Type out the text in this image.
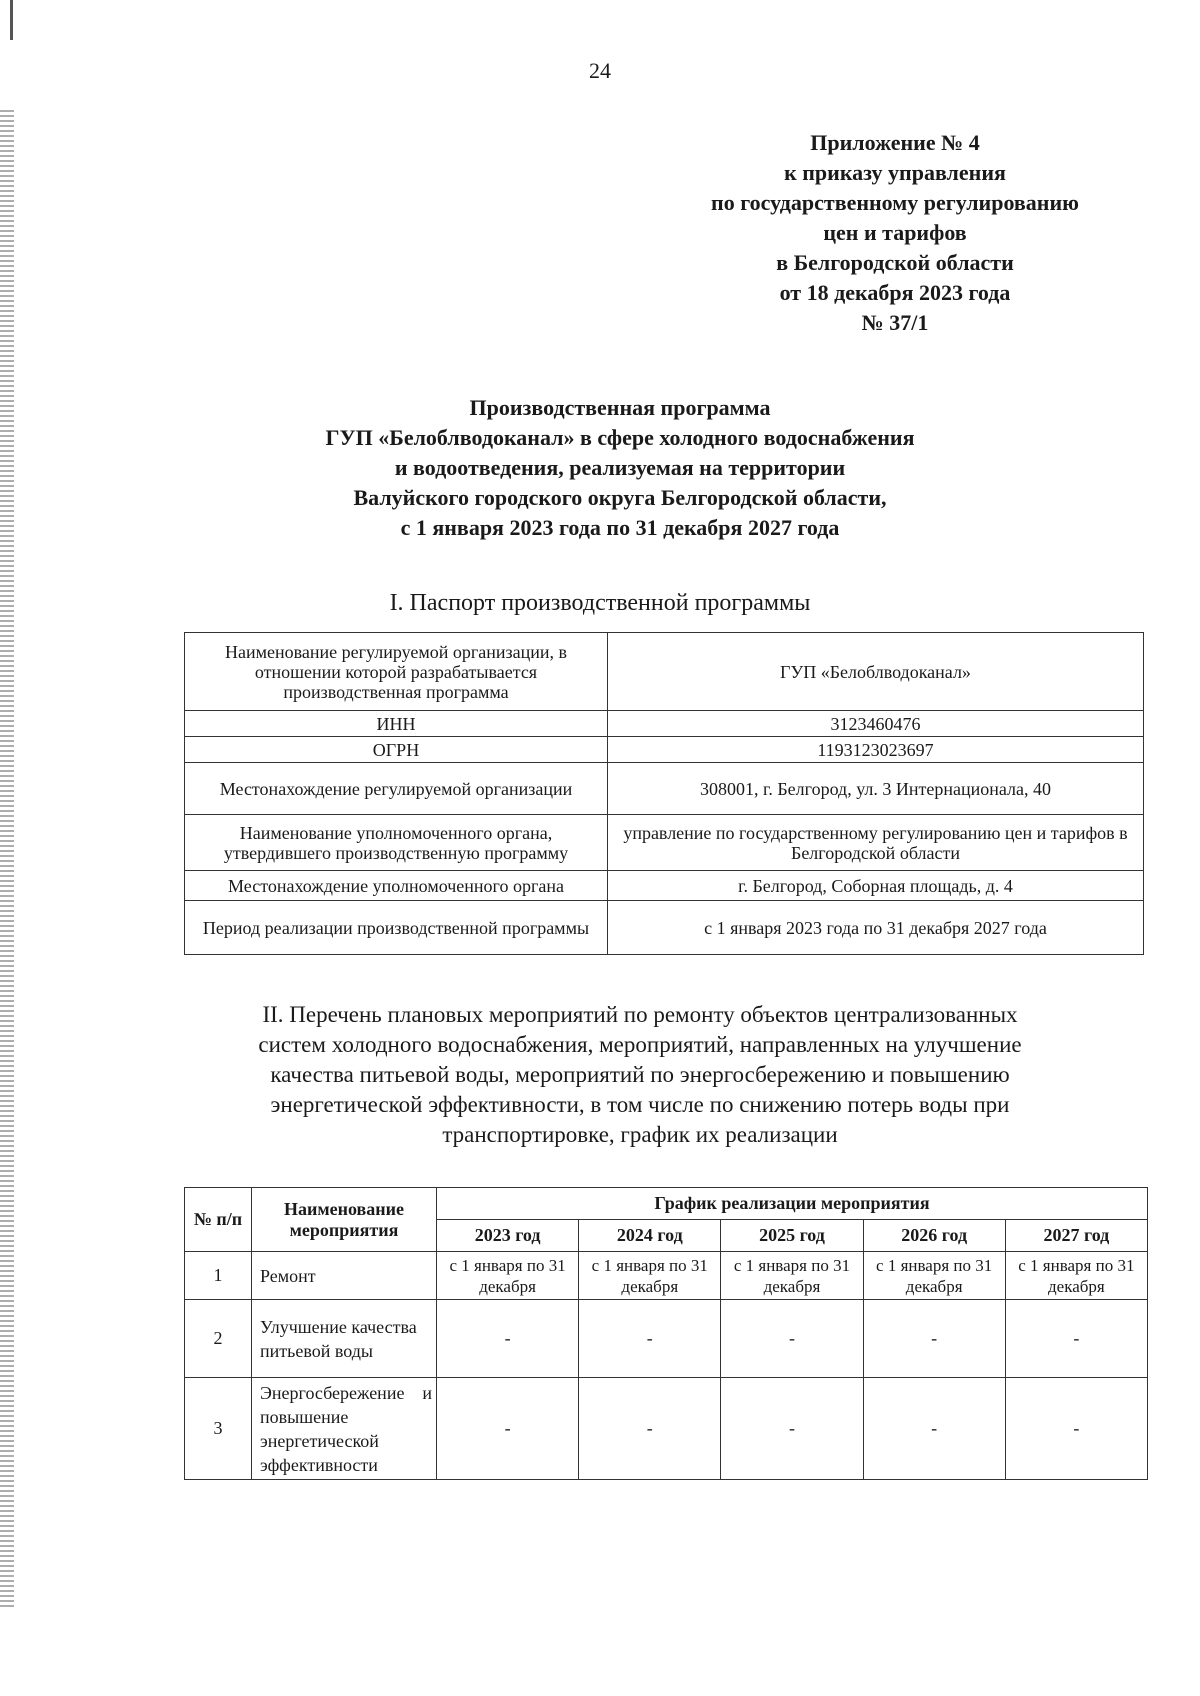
24
Приложение № 4
к приказу управления
по государственному регулированию
цен и тарифов
в Белгородской области
от 18 декабря 2023 года
№ 37/1
Производственная программа
ГУП «Белоблводоканал» в сфере холодного водоснабжения
и водоотведения, реализуемая на территории
Валуйского городского округа Белгородской области,
с 1 января 2023 года по 31 декабря 2027 года
I. Паспорт производственной программы
Наименование регулируемой организации, в отношении которой разрабатывается производственная программа	ГУП «Белоблводоканал»
ИНН	3123460476
ОГРН	1193123023697
Местонахождение регулируемой организации	308001, г. Белгород, ул. 3 Интернационала, 40
Наименование уполномоченного органа, утвердившего производственную программу	управление по государственному регулированию цен и тарифов в Белгородской области
Местонахождение уполномоченного органа	г. Белгород, Соборная площадь, д. 4
Период реализации производственной программы	с 1 января 2023 года по 31 декабря 2027 года
II. Перечень плановых мероприятий по ремонту объектов централизованных
систем холодного водоснабжения, мероприятий, направленных на улучшение
качества питьевой воды, мероприятий по энергосбережению и повышению
энергетической эффективности, в том числе по снижению потерь воды при
транспортировке, график их реализации
№ п/п	Наименование мероприятия	График реализации мероприятия				
		2023 год	2024 год	2025 год	2026 год	2027 год
1	Ремонт	с 1 января по 31 декабря	с 1 января по 31 декабря	с 1 января по 31 декабря	с 1 января по 31 декабря	с 1 января по 31 декабря
2	Улучшение качества питьевой воды	-	-	-	-	-
3	Энергосбережение и повышение энергетической эффективности	-	-	-	-	-
